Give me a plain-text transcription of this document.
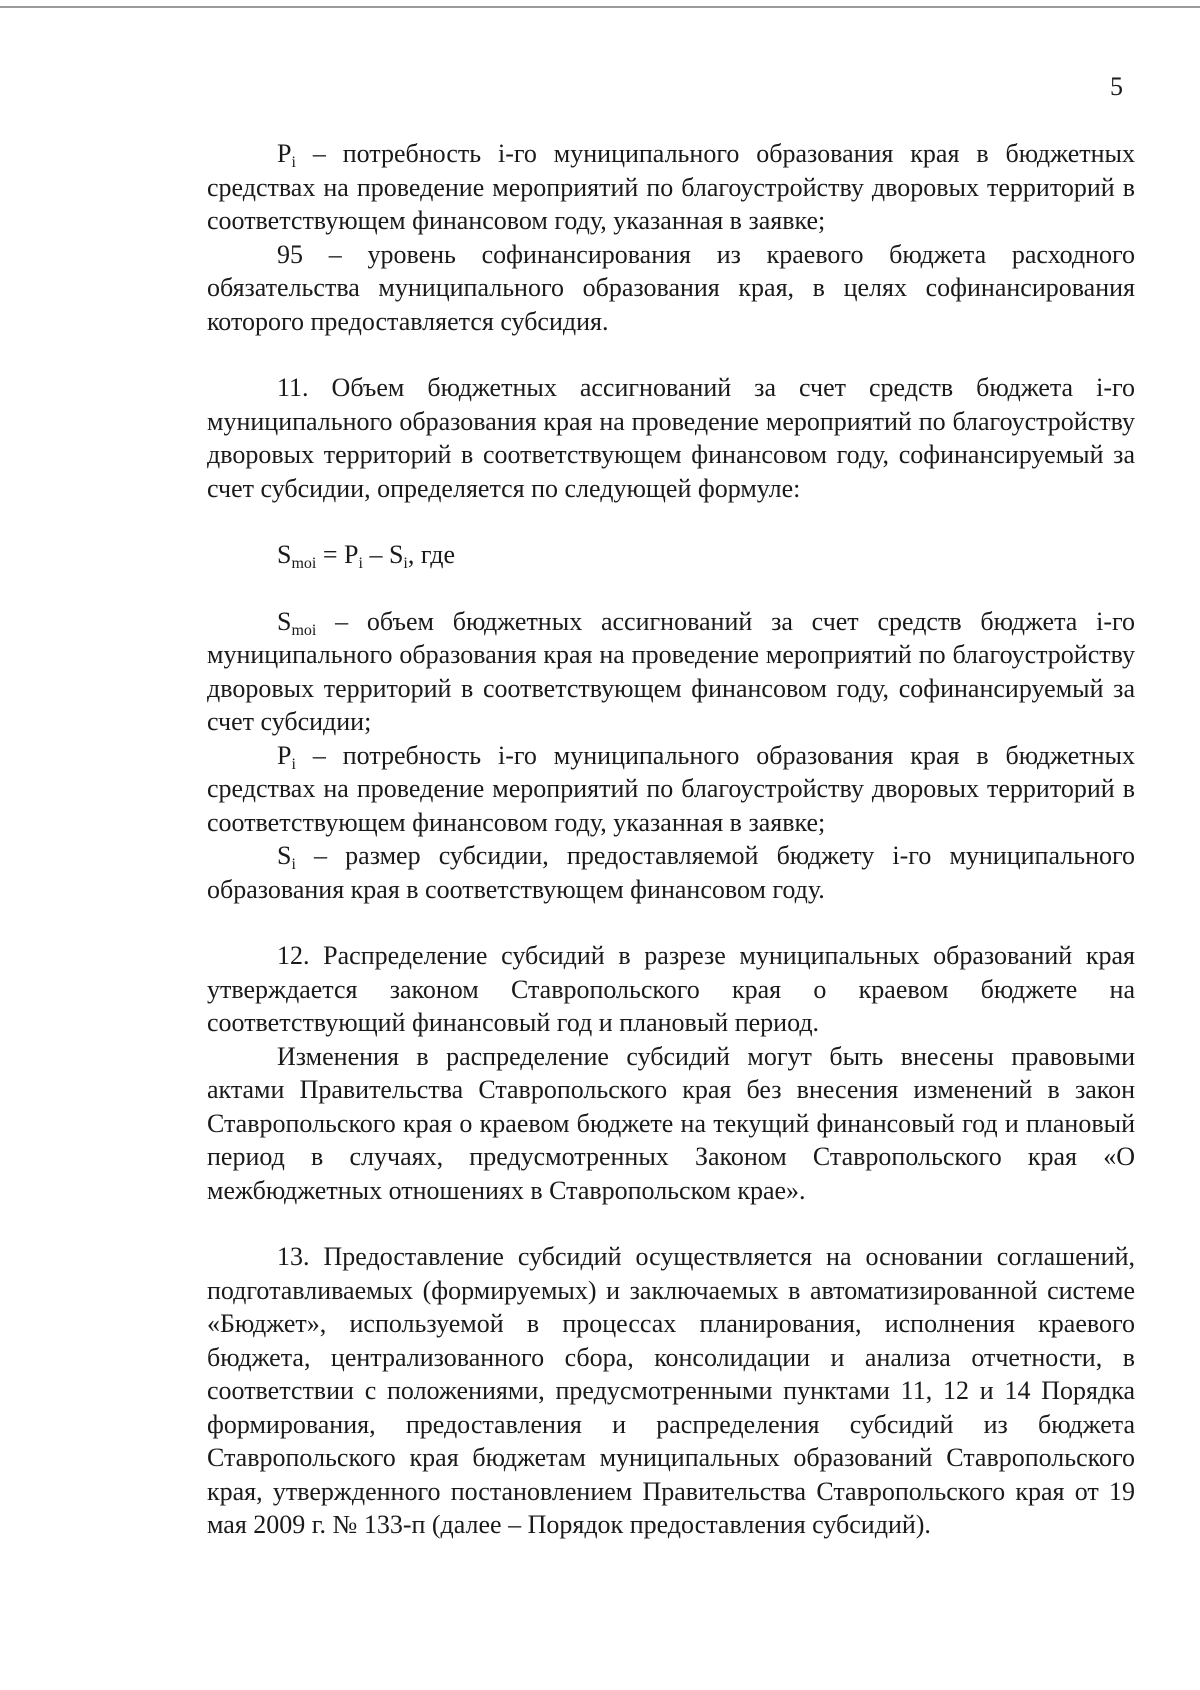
5

$P_i$ – потребность i-го муниципального образования края в бюджетных средствах на проведение мероприятий по благоустройству дворовых территорий в соответствующем финансовом году, указанная в заявке;

95 – уровень софинансирования из краевого бюджета расходного обязательства муниципального образования края, в целях софинансирования которого предоставляется субсидия.

11. Объем бюджетных ассигнований за счет средств бюджета i-го муниципального образования края на проведение мероприятий по благоустройству дворовых территорий в соответствующем финансовом году, софинансируемый за счет субсидии, определяется по следующей формуле:

$S_{moi} = P_i - S_i$, где

$S_{moi}$ – объем бюджетных ассигнований за счет средств бюджета i-го муниципального образования края на проведение мероприятий по благоустройству дворовых территорий в соответствующем финансовом году, софинансируемый за счет субсидии;

$P_i$ – потребность i-го муниципального образования края в бюджетных средствах на проведение мероприятий по благоустройству дворовых территорий в соответствующем финансовом году, указанная в заявке;

$S_i$ – размер субсидии, предоставляемой бюджету i-го муниципального образования края в соответствующем финансовом году.

12. Распределение субсидий в разрезе муниципальных образований края утверждается законом Ставропольского края о краевом бюджете на соответствующий финансовый год и плановый период.

Изменения в распределение субсидий могут быть внесены правовыми актами Правительства Ставропольского края без внесения изменений в закон Ставропольского края о краевом бюджете на текущий финансовый год и плановый период в случаях, предусмотренных Законом Ставропольского края «О межбюджетных отношениях в Ставропольском крае».

13. Предоставление субсидий осуществляется на основании соглашений, подготавливаемых (формируемых) и заключаемых в автоматизированной системе «Бюджет», используемой в процессах планирования, исполнения краевого бюджета, централизованного сбора, консолидации и анализа отчетности, в соответствии с положениями, предусмотренными пунктами 11, 12 и 14 Порядка формирования, предоставления и распределения субсидий из бюджета Ставропольского края бюджетам муниципальных образований Ставропольского края, утвержденного постановлением Правительства Ставропольского края от 19 мая 2009 г. № 133-п (далее – Порядок предоставления субсидий).
